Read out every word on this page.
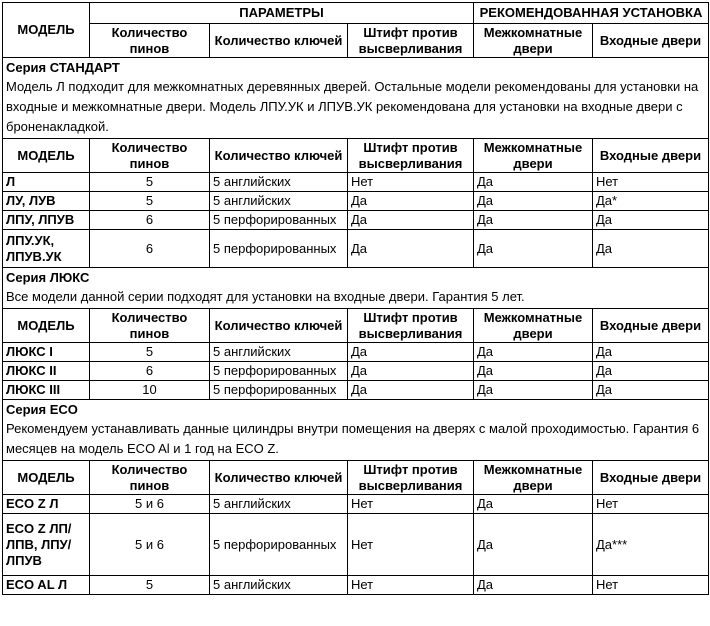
МОДЕЛЬ	ПАРАМЕТРЫ			РЕКОМЕНДОВАННАЯ УСТАНОВКА	
	Количество пинов	Количество ключей	Штифт против высверливания	Межкомнатные двери	Входные двери
Серия СТАНДАРТ					
Модель Л подходит для межкомнатных деревянных дверей. Остальные модели рекомендованы для установки на входные и межкомнатные двери. Модель ЛПУ.УК и ЛПУВ.УК рекомендована для установки на входные двери с броненакладкой.					
МОДЕЛЬ	Количество пинов	Количество ключей	Штифт против высверливания	Межкомнатные двери	Входные двери
Л	5	5 английских	Нет	Да	Нет
ЛУ, ЛУВ	5	5 английских	Да	Да	Да*
ЛПУ, ЛПУВ	6	5 перфорированных	Да	Да	Да
ЛПУ.УК, ЛПУВ.УК	6	5 перфорированных	Да	Да	Да
Серия ЛЮКС					
Все модели данной серии подходят для установки на входные двери. Гарантия 5 лет.					
МОДЕЛЬ	Количество пинов	Количество ключей	Штифт против высверливания	Межкомнатные двери	Входные двери
ЛЮКС I	5	5 английских	Да	Да	Да
ЛЮКС II	6	5 перфорированных	Да	Да	Да
ЛЮКС III	10	5 перфорированных	Да	Да	Да
Серия ECO					
Рекомендуем устанавливать данные цилиндры внутри помещения на дверях с малой проходимостью. Гарантия 6 месяцев на модель ECO Al и 1 год на ECO Z.					
МОДЕЛЬ	Количество пинов	Количество ключей	Штифт против высверливания	Межкомнатные двери	Входные двери
ECO Z Л	5 и 6	5 английских	Нет	Да	Нет
ECO Z ЛП/ЛПВ, ЛПУ/ЛПУВ	5 и 6	5 перфорированных	Нет	Да	Да***
ECO AL Л	5	5 английских	Нет	Да	Нет
